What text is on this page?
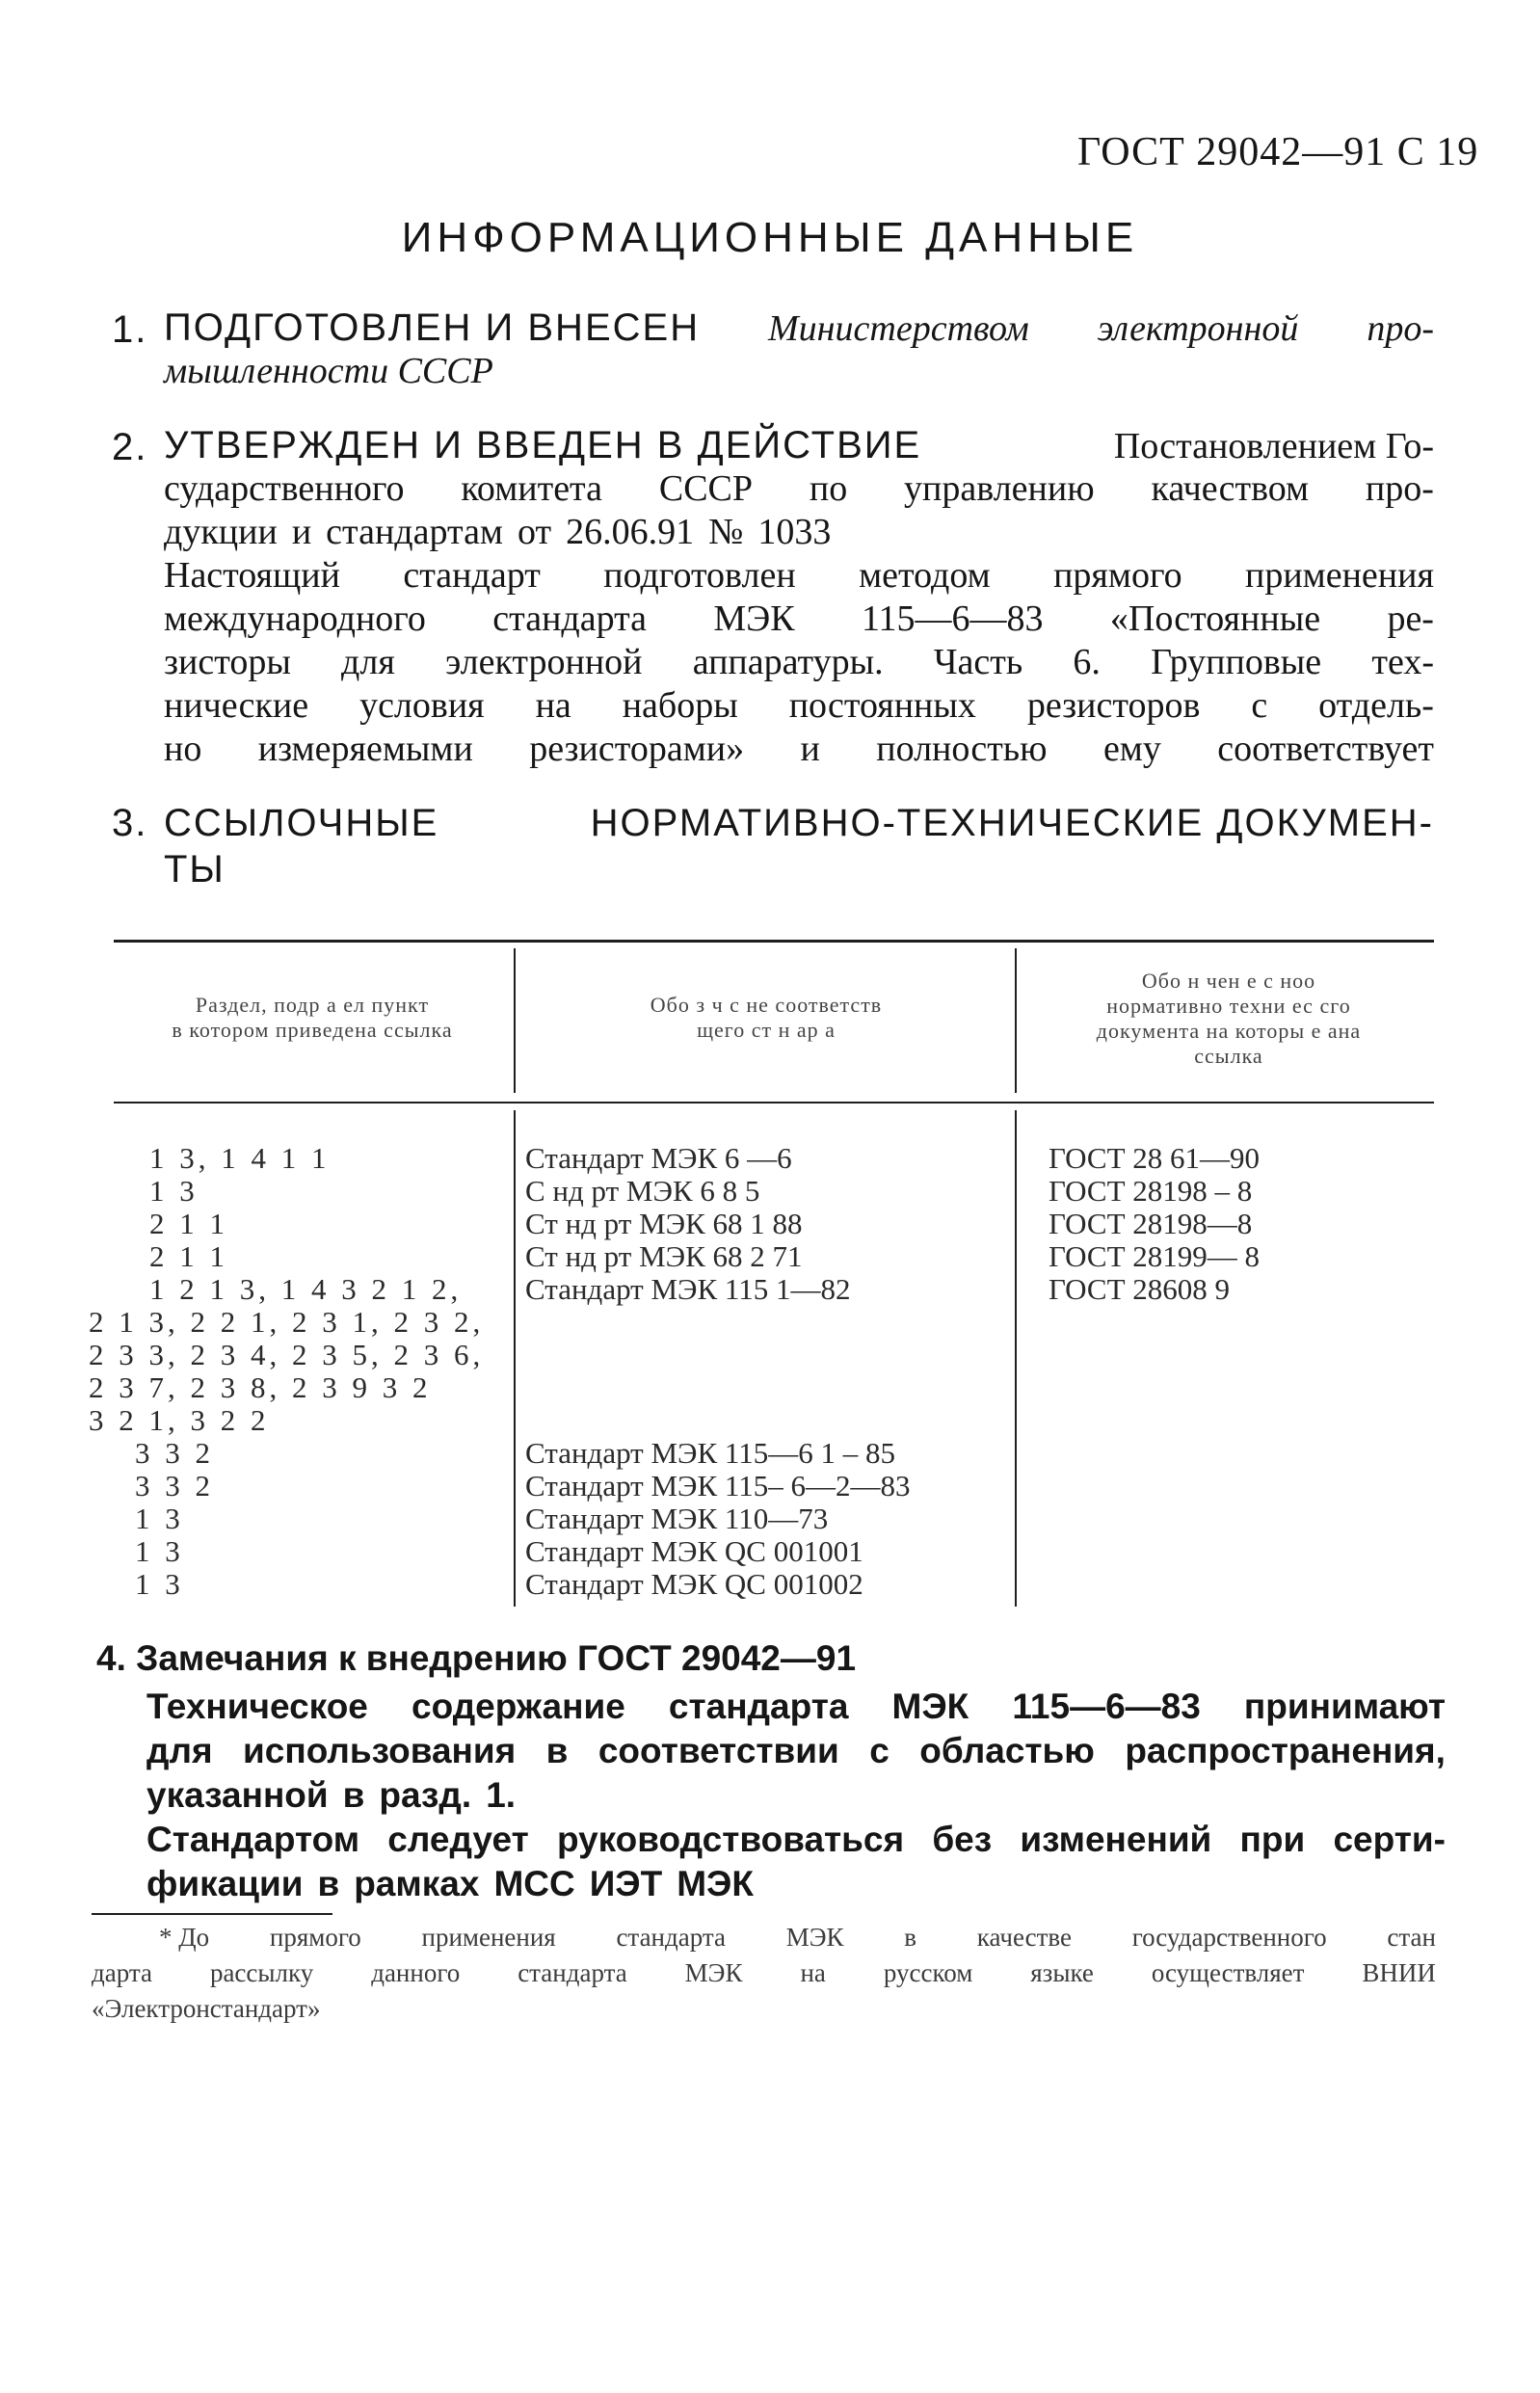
ГОСТ 29042—91 С 19
ИНФОРМАЦИОННЫЕ ДАННЫЕ
1. ПОДГОТОВЛЕН И ВНЕСЕН Министерством электронной про-
мышленности СССР
2. УТВЕРЖДЕН И ВВЕДЕН В ДЕЙСТВИЕ	Постановлением Го-
сударственного комитета СССР по управлению качеством про-
дукции и стандартам от 26.06.91 № 1033
Настоящий стандарт подготовлен методом прямого применения
международного стандарта МЭК 115—6—83 «Постоянные ре-
зисторы для электронной аппаратуры. Часть 6. Групповые тех-
нические условия на наборы постоянных резисторов с отдель-
но измеряемыми резисторами» и полностью ему соответствует
3. ССЫЛОЧНЫЕ	НОРМАТИВНО-ТЕХНИЧЕСКИЕ ДОКУМЕН-
ТЫ
Раздел, подр а ел пункт
в котором приведена ссылка
Обо з ч с не соответств
щего ст н ар а
Обо н чен е с ноо
нормативно техни ес сго
документа на которы е ана
ссылка
1 3, 1 4 1 1
1 3
2 1 1
2 1 1
1 2 1 3, 1 4 3 2 1 2,
2 1 3, 2 2 1, 2 3 1, 2 3 2,
2 3 3, 2 3 4, 2 3 5, 2 3 6,
2 3 7, 2 3 8, 2 3 9 3 2
3 2 1, 3 2 2
3 3 2
3 3 2
1 3
1 3
1 3
Стандарт МЭК 6 —6
С нд рт МЭК 6 8 5
Ст нд рт МЭК 68 1 88
Ст нд рт МЭК 68 2 71
Стандарт МЭК 115 1—82
Стандарт МЭК 115—6 1 – 85
Стандарт МЭК 115– 6—2—83
Стандарт МЭК 110—73
Стандарт МЭК QC 001001
Стандарт МЭК QC 001002
ГОСТ 28 61—90
ГОСТ 28198 – 8
ГОСТ 28198—8
ГОСТ 28199— 8
ГОСТ 28608 9
4. Замечания к внедрению ГОСТ 29042—91
Техническое содержание стандарта МЭК 115—6—83 принимают
для использования в соответствии с областью распространения,
указанной в разд. 1.
Стандартом следует руководствоваться без изменений при серти-
фикации в рамках МСС ИЭТ МЭК
* До прямого применения стандарта МЭК в качестве государственного стан
дарта рассылку данного стандарта МЭК на русском языке осуществляет ВНИИ
«Электронстандарт»
